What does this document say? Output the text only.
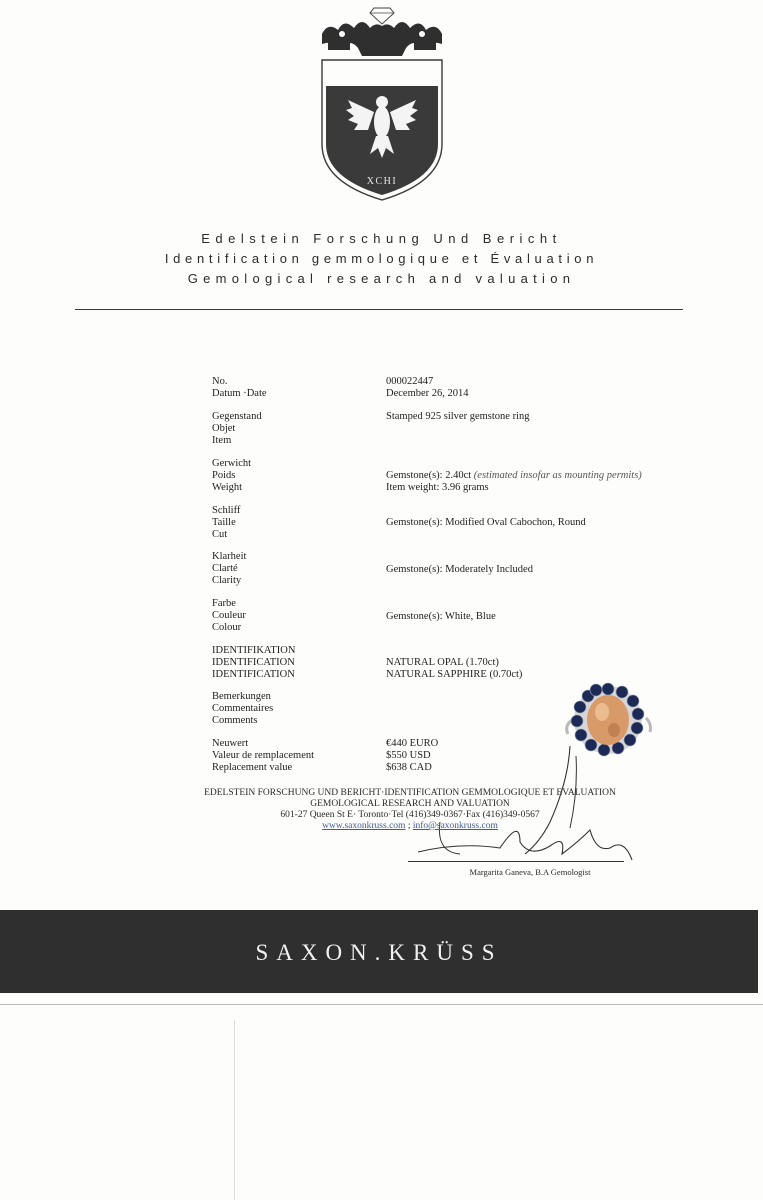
XCHI
Edelstein Forschung Und Bericht
Identification gemmologique et Évaluation
Gemological research and valuation
No.
Datum ·Date
000022447
December 26, 2014
Gegenstand
Objet
Item
Stamped 925 silver gemstone ring
Gerwicht
Poids
Weight
Gemstone(s): 2.40ct (estimated insofar as mounting permits)
Item weight: 3.96 grams
Schliff
Taille
Cut
Gemstone(s): Modified Oval Cabochon, Round
Klarheit
Clarté
Clarity
Gemstone(s): Moderately Included
Farbe
Couleur
Colour
Gemstone(s): White, Blue
IDENTIFIKATION
IDENTIFICATION
IDENTIFICATION
NATURAL OPAL (1.70ct)
NATURAL SAPPHIRE (0.70ct)
Bemerkungen
Commentaires
Comments
Neuwert
Valeur de remplacement
Replacement value
€440 EURO
$550 USD
$638 CAD
EDELSTEIN FORSCHUNG UND BERICHT·IDENTIFICATION GEMMOLOGIQUE ET EVALUATION
GEMOLOGICAL RESEARCH AND VALUATION
601-27 Queen St E· Toronto·Tel (416)349-0367·Fax (416)349-0567
www.saxonkruss.com ; info@saxonkruss.com
Margarita Ganeva, B.A Gemologist
SAXON.KRÜSS
